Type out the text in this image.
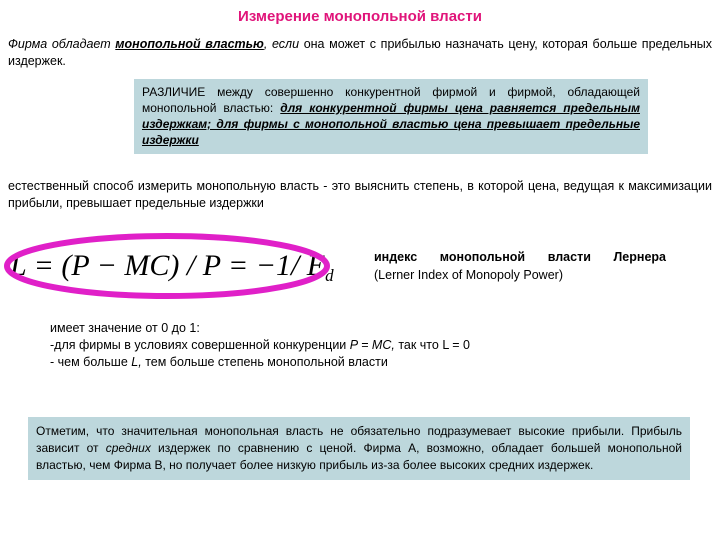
Измерение монопольной власти
Фирма обладает монопольной властью, если она может с прибылью назначать цену, которая больше предельных издержек.
РАЗЛИЧИЕ между совершенно конкурентной фирмой и фирмой, обладающей монопольной властью: для конкурентной фирмы цена равняется предельным издержкам; для фирмы с монопольной властью цена превышает предельные издержки
естественный способ измерить монопольную власть - это выяснить степень, в которой цена, ведущая к максимизации прибыли, превышает предельные издержки
L = (P − MC) / P = −1/ $E_d$
индекс монопольной власти Лернера
(Lerner Index of Monopoly Power)
имеет значение от 0 до 1:
-для фирмы в условиях совершенной конкуренции P = MC, так что L = 0
- чем больше L, тем больше степень монопольной власти
Отметим, что значительная монопольная власть не обязательно подразумевает высокие прибыли. Прибыль зависит от средних издержек по сравнению с ценой. Фирма А, возможно, обладает большей монопольной властью, чем Фирма В, но получает более низкую прибыль из-за более высоких средних издержек.
